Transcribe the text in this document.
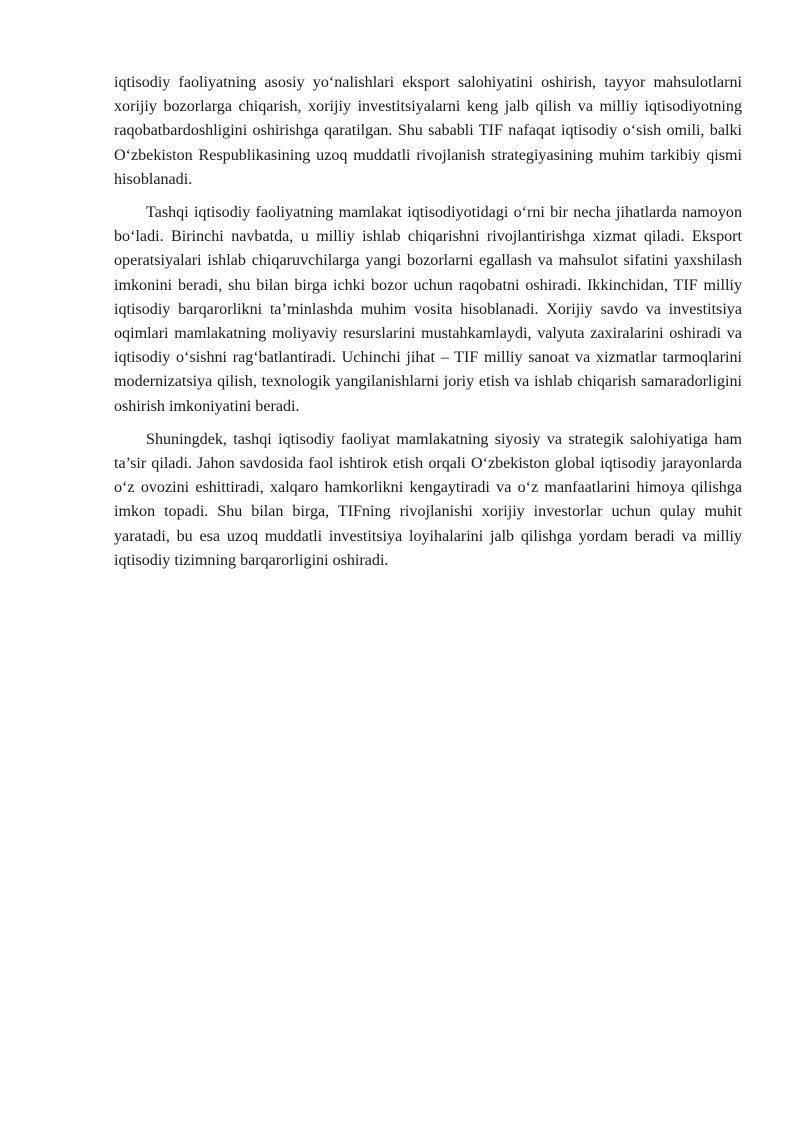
iqtisodiy faoliyatning asosiy yo‘nalishlari eksport salohiyatini oshirish, tayyor mahsulotlarni xorijiy bozorlarga chiqarish, xorijiy investitsiyalarni keng jalb qilish va milliy iqtisodiyotning raqobatbardoshligini oshirishga qaratilgan. Shu sababli TIF nafaqat iqtisodiy o‘sish omili, balki O‘zbekiston Respublikasining uzoq muddatli rivojlanish strategiyasining muhim tarkibiy qismi hisoblanadi.

Tashqi iqtisodiy faoliyatning mamlakat iqtisodiyotidagi o‘rni bir necha jihatlarda namoyon bo‘ladi. Birinchi navbatda, u milliy ishlab chiqarishni rivojlantirishga xizmat qiladi. Eksport operatsiyalari ishlab chiqaruvchilarga yangi bozorlarni egallash va mahsulot sifatini yaxshilash imkonini beradi, shu bilan birga ichki bozor uchun raqobatni oshiradi. Ikkinchidan, TIF milliy iqtisodiy barqarorlikni ta’minlashda muhim vosita hisoblanadi. Xorijiy savdo va investitsiya oqimlari mamlakatning moliyaviy resurslarini mustahkamlaydi, valyuta zaxiralarini oshiradi va iqtisodiy o‘sishni rag‘batlantiradi. Uchinchi jihat – TIF milliy sanoat va xizmatlar tarmoqlarini modernizatsiya qilish, texnologik yangilanishlarni joriy etish va ishlab chiqarish samaradorligini oshirish imkoniyatini beradi.

Shuningdek, tashqi iqtisodiy faoliyat mamlakatning siyosiy va strategik salohiyatiga ham ta’sir qiladi. Jahon savdosida faol ishtirok etish orqali O‘zbekiston global iqtisodiy jarayonlarda o‘z ovozini eshittiradi, xalqaro hamkorlikni kengaytiradi va o‘z manfaatlarini himoya qilishga imkon topadi. Shu bilan birga, TIFning rivojlanishi xorijiy investorlar uchun qulay muhit yaratadi, bu esa uzoq muddatli investitsiya loyihalarini jalb qilishga yordam beradi va milliy iqtisodiy tizimning barqarorligini oshiradi.
